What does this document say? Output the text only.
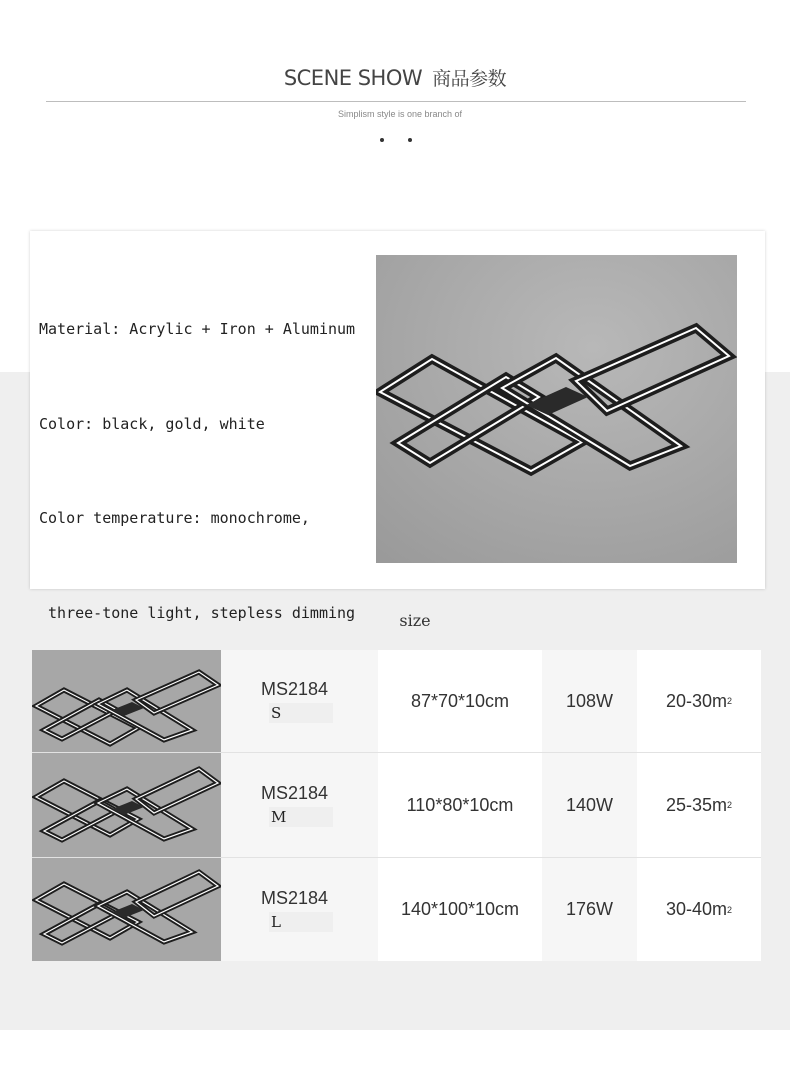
SCENE SHOW 商品参数
Simplism style is one branch of

Material: Acrylic + Iron + Aluminum

Color: black, gold, white

Color temperature: monochrome,

three-tone light, stepless dimming

	size
MS2184
S
87*70*10cm	108W	20-30m 2
MS2184
M
110*80*10cm	140W	25-35m 2
MS2184
L
140*100*10cm	176W	30-40m 2
